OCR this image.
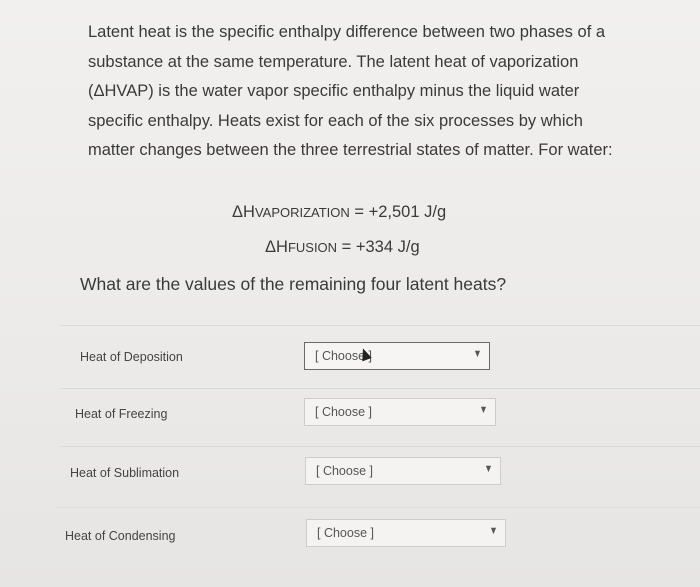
Latent heat is the specific enthalpy difference between two phases of a substance at the same temperature. The latent heat of vaporization (ΔHVAP) is the water vapor specific enthalpy minus the liquid water specific enthalpy. Heats exist for each of the six processes by which matter changes between the three terrestrial states of matter. For water:
ΔHVAPORIZATION = +2,501 J/g
ΔHFUSION = +334 J/g
What are the values of the remaining four latent heats?
Heat of Deposition	[ Choose ]	▼
Heat of Freezing	[ Choose ]	▼
Heat of Sublimation	[ Choose ]	▼
Heat of Condensing	[ Choose ]	▼
